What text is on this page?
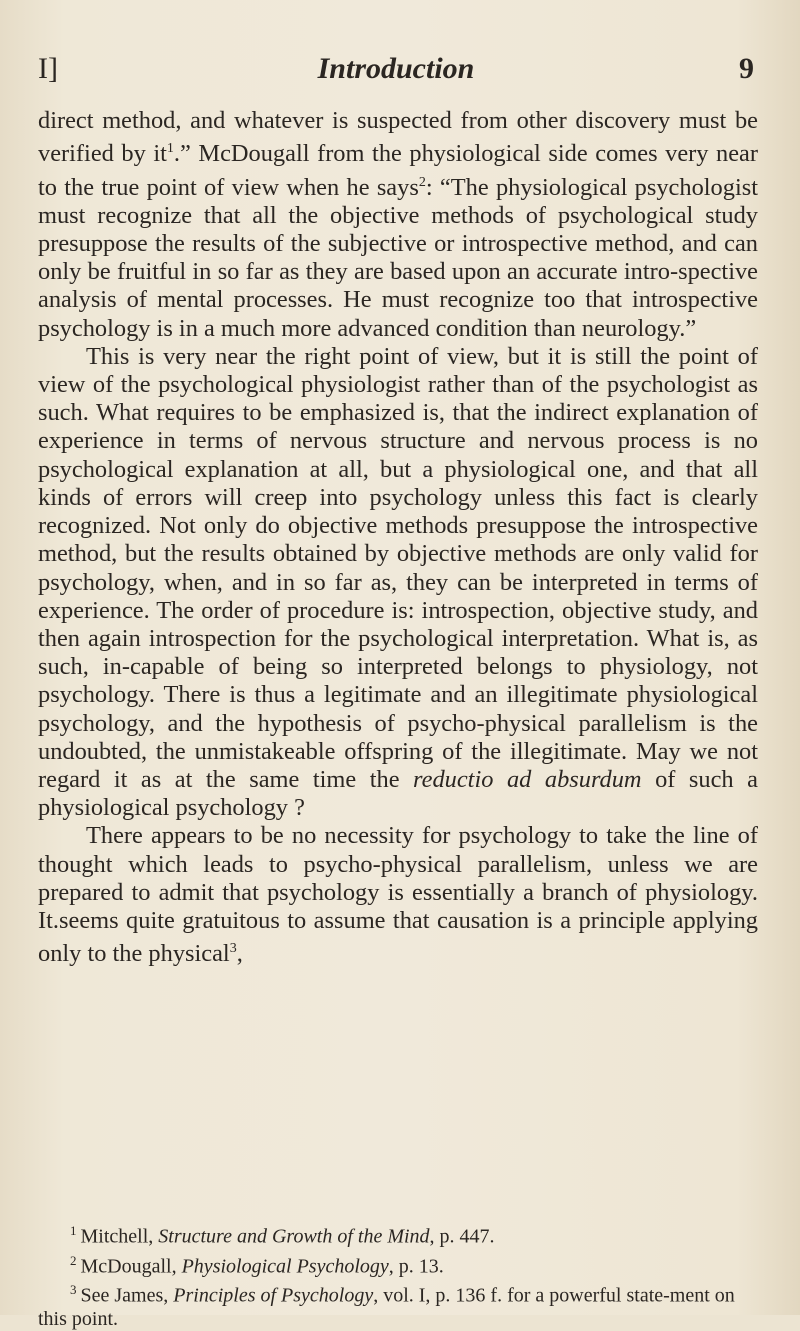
I]	Introduction	9

direct method, and whatever is suspected from other discovery must be verified by $it^1$.” McDougall from the physiological side comes very near to the true point of view when he says$^2$: “The physiological psychologist must recognize that all the objective methods of psychological study presuppose the results of the subjective or introspective method, and can only be fruitful in so far as they are based upon an accurate intro-spective analysis of mental processes. He must recognize too that introspective psychology is in a much more advanced condition than neurology.”

This is very near the right point of view, but it is still the point of view of the psychological physiologist rather than of the psychologist as such. What requires to be emphasized is, that the indirect explanation of experience in terms of nervous structure and nervous process is no psychological explanation at all, but a physiological one, and that all kinds of errors will creep into psychology unless this fact is clearly recognized. Not only do objective methods presuppose the introspective method, but the results obtained by objective methods are only valid for psychology, when, and in so far as, they can be interpreted in terms of experience. The order of procedure is: introspection, objective study, and then again introspection for the psychological interpretation. What is, as such, in-capable of being so interpreted belongs to physiology, not psychology. There is thus a legitimate and an illegitimate physiological psychology, and the hypothesis of psycho-physical parallelism is the undoubted, the unmistakeable offspring of the illegitimate. May we not regard it as at the same time the reductio ad absurdum of such a physiological psychology ?

There appears to be no necessity for psychology to take the line of thought which leads to psycho-physical parallelism, unless we are prepared to admit that psychology is essentially a branch of physiology. It.seems quite gratuitous to assume that causation is a principle applying only to the physical$^3$,

$^1$ Mitchell, Structure and Growth of the Mind, p. 447.

$^2$ McDougall, Physiological Psychology, p. 13.

$^3$ See James, Principles of Psychology, vol. I, p. 136 f. for a powerful state-ment on this point.
